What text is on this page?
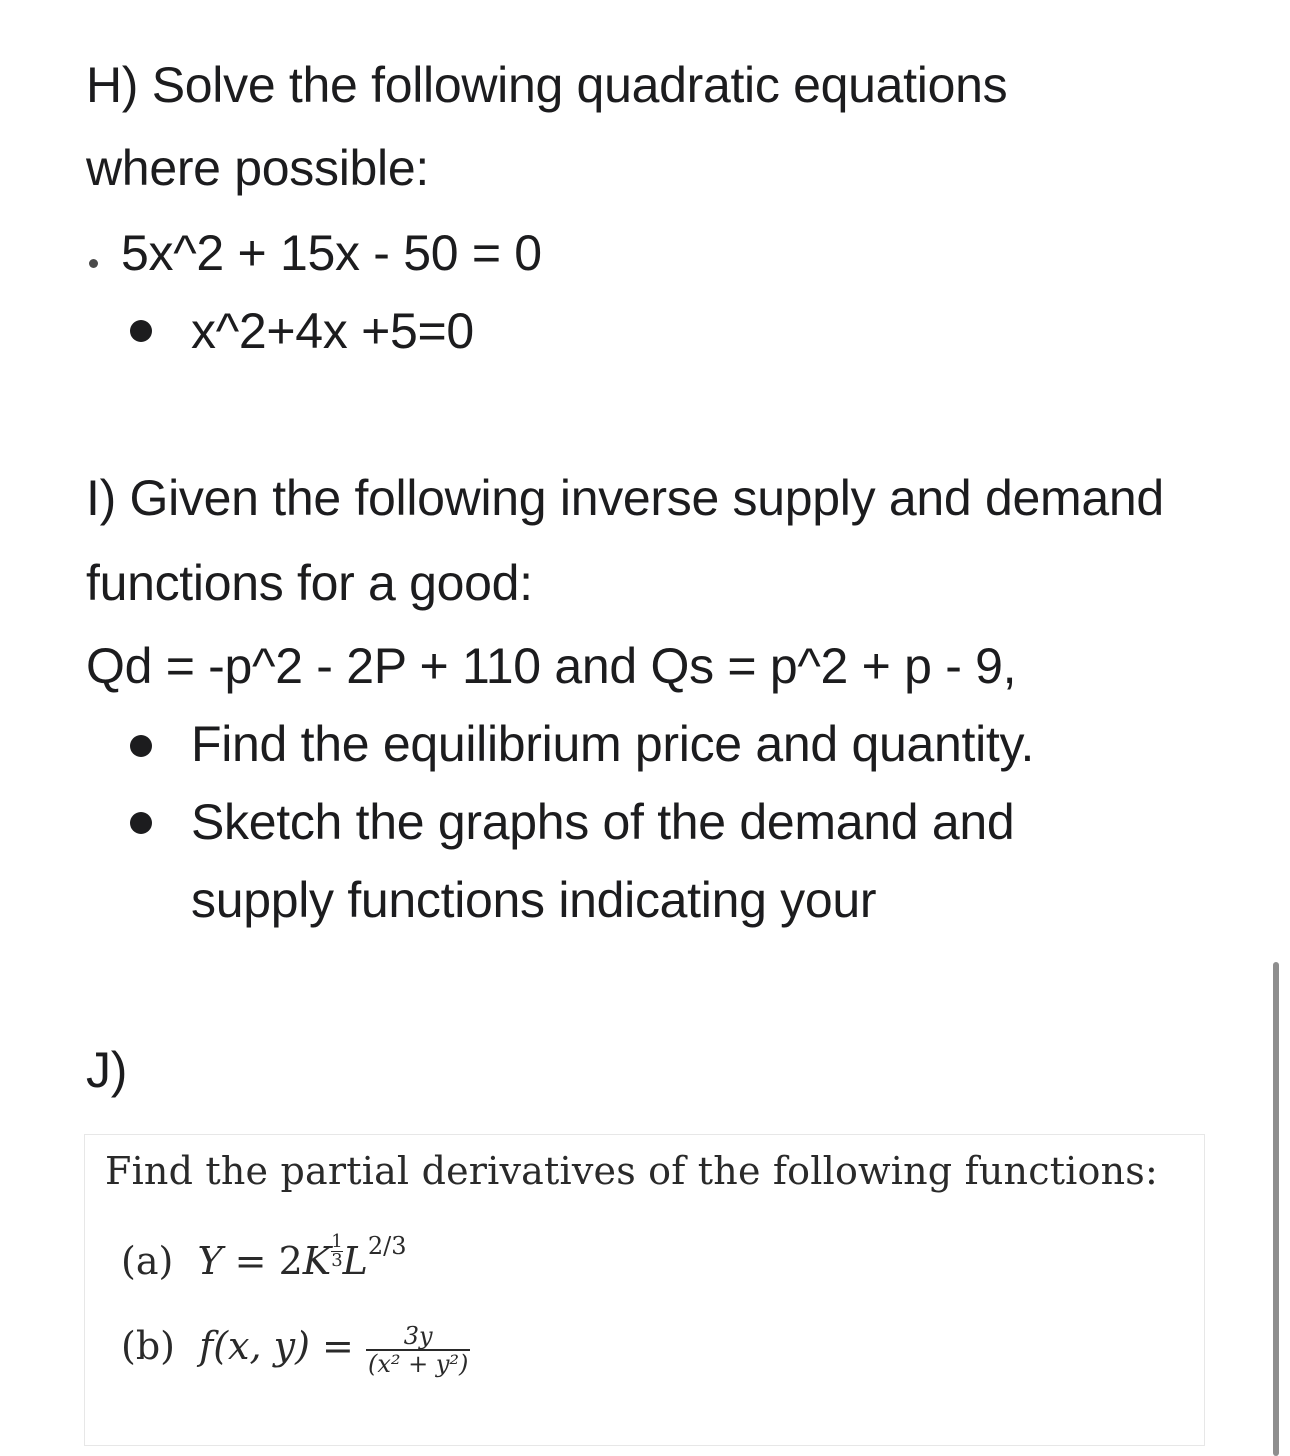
H) Solve the following quadratic equations
where possible:
5x^2 + 15x - 50 = 0
x^2+4x +5=0
I) Given the following inverse supply and demand
functions for a good:
Qd = -p^2 - 2P + 110 and Qs = p^2 + p - 9,
Find the equilibrium price and quantity.
Sketch the graphs of the demand and
supply functions indicating your
J)
Find the partial derivatives of the following functions:
(a) $Y = 2K \frac{1}{3} L^{2/3}$
(b) f(x, $y) = \frac{3y}{\text{(x² + y²)}}$
